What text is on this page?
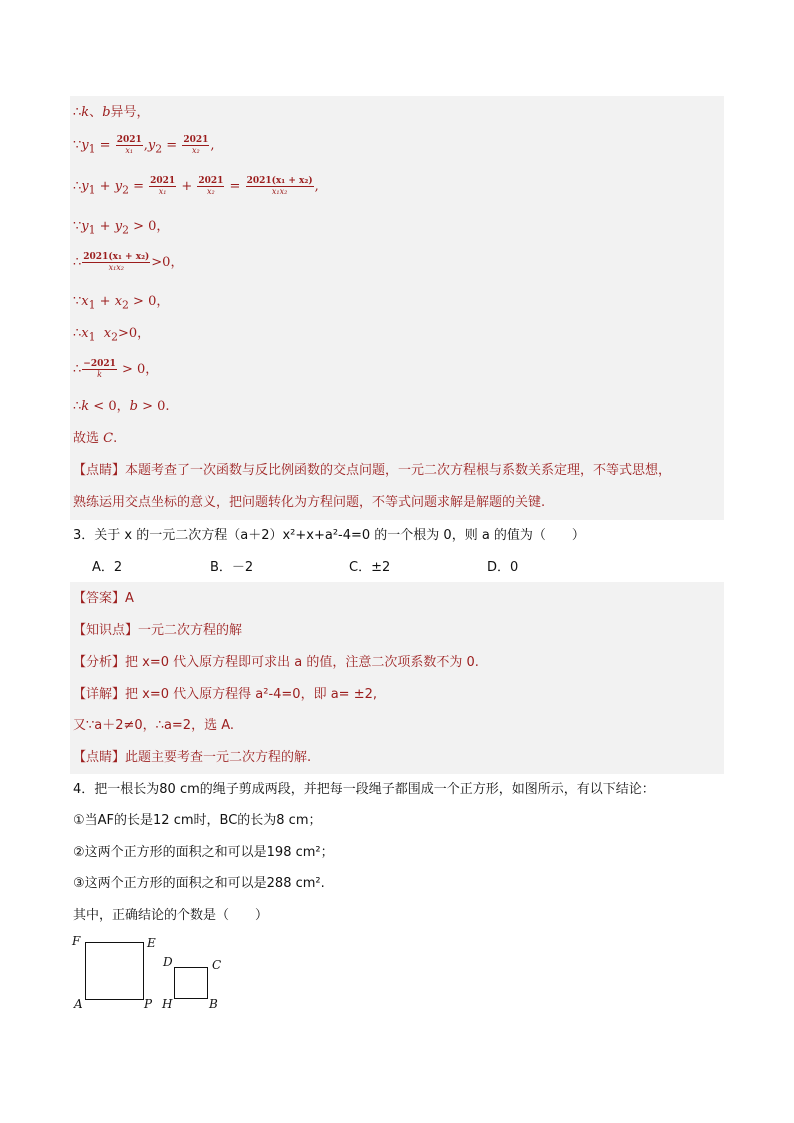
∴k、b异号，
$\because y_1 = \frac{2021}{\text{x₁}} ,y_2 = \frac{2021}{\text{x₂}}$ ,
$\therefore y_1 + y_2 = \frac{2021}{\text{x₁}} + \frac{2021}{\text{x₂}} = \frac{\text{2021(x₁ + x₂)}}{\text{x₁x₂}}$ ,
$\because y_1 + y_2 > 0$，
∴ $\frac{\text{2021(x₁ + x₂)}}{\text{x₁x₂}} >0$，
$\because x_1 + x_2 > 0$，
$\therefore x_1$ $x_2>0$，
∴ $\frac{-2021}{k} > 0$，
∴k < 0，b > 0.
故选 C.
【点睛】本题考查了一次函数与反比例函数的交点问题，一元二次方程根与系数关系定理，不等式思想，
熟练运用交点坐标的意义，把问题转化为方程问题，不等式问题求解是解题的关键.
3．关于 x 的一元二次方程（a＋2）x²+x+a²-4=0 的一个根为 0，则 a 的值为（　　）
A．2	B．－2	C．±2	D．0
【答案】A
【知识点】一元二次方程的解
【分析】把 x=0 代入原方程即可求出 a 的值，注意二次项系数不为 0.
【详解】把 x=0 代入原方程得 a²-4=0，即 a= ±2,
又∵a＋2≠0，∴a=2，选 A.
【点睛】此题主要考查一元二次方程的解.
4．把一根长为80 cm的绳子剪成两段，并把每一段绳子都围成一个正方形，如图所示，有以下结论：
①当AF的长是12 cm时，BC的长为8 cm；
②这两个正方形的面积之和可以是198 cm²；
③这两个正方形的面积之和可以是288 cm².
其中，正确结论的个数是（　　）
F	E
A	P
D	C
H	B
